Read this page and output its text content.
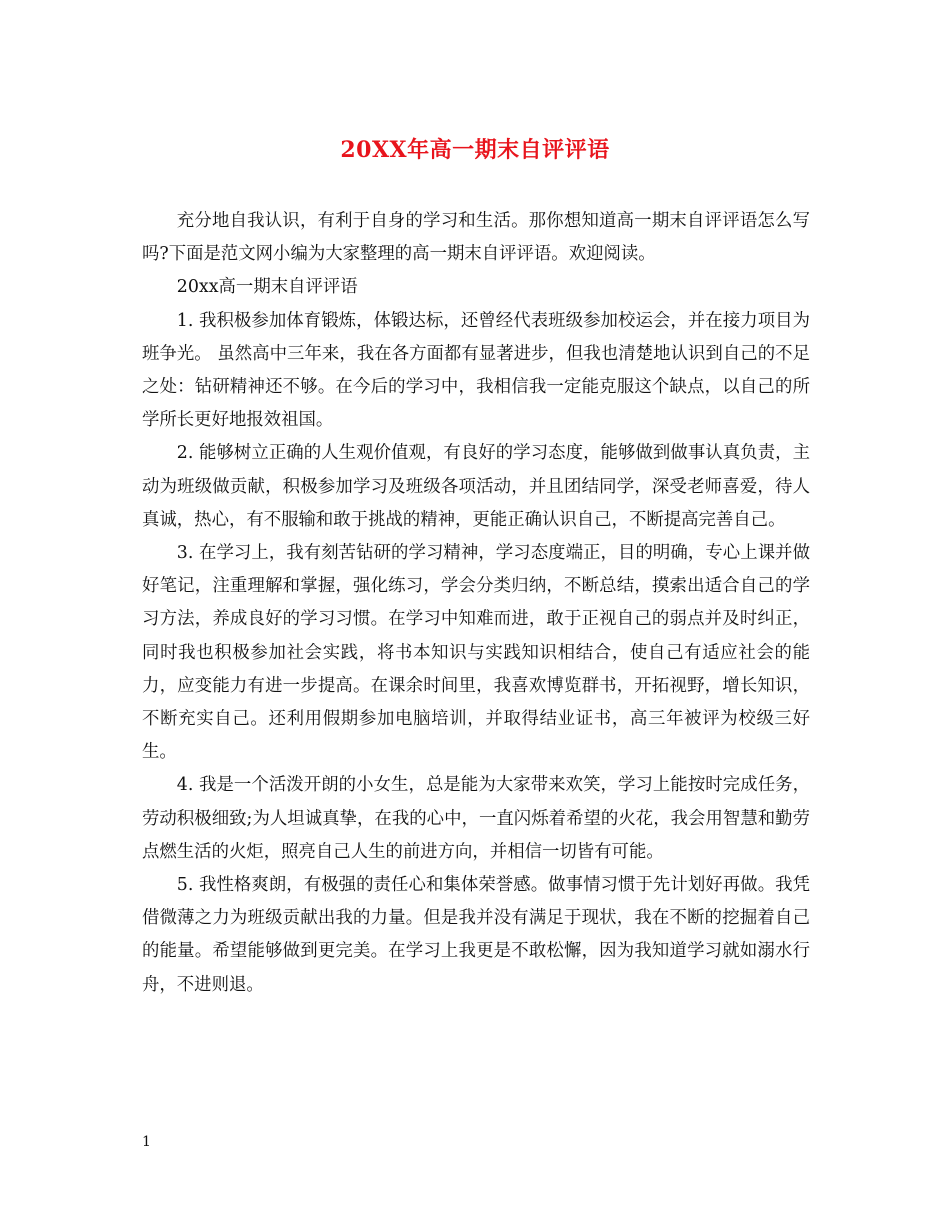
20XX年高一期末自评评语

充分地自我认识，有利于自身的学习和生活。那你想知道高一期末自评评语怎么写吗?下面是范文网小编为大家整理的高一期末自评评语。欢迎阅读。

20xx高一期末自评评语

1. 我积极参加体育锻炼，体锻达标，还曾经代表班级参加校运会，并在接力项目为班争光。 虽然高中三年来，我在各方面都有显著进步，但我也清楚地认识到自己的不足之处：钻研精神还不够。在今后的学习中，我相信我一定能克服这个缺点，以自己的所学所长更好地报效祖国。

2. 能够树立正确的人生观价值观，有良好的学习态度，能够做到做事认真负责，主动为班级做贡献，积极参加学习及班级各项活动，并且团结同学，深受老师喜爱，待人真诚，热心，有不服输和敢于挑战的精神，更能正确认识自己，不断提高完善自己。

3. 在学习上，我有刻苦钻研的学习精神，学习态度端正，目的明确，专心上课并做好笔记，注重理解和掌握，强化练习，学会分类归纳，不断总结，摸索出适合自己的学习方法，养成良好的学习习惯。在学习中知难而进，敢于正视自己的弱点并及时纠正，同时我也积极参加社会实践，将书本知识与实践知识相结合，使自己有适应社会的能力，应变能力有进一步提高。在课余时间里，我喜欢博览群书，开拓视野，增长知识，不断充实自己。还利用假期参加电脑培训，并取得结业证书，高三年被评为校级三好生。

4. 我是一个活泼开朗的小女生，总是能为大家带来欢笑，学习上能按时完成任务，劳动积极细致;为人坦诚真挚，在我的心中，一直闪烁着希望的火花，我会用智慧和勤劳点燃生活的火炬，照亮自己人生的前进方向，并相信一切皆有可能。

5. 我性格爽朗，有极强的责任心和集体荣誉感。做事情习惯于先计划好再做。我凭借微薄之力为班级贡献出我的力量。但是我并没有满足于现状，我在不断的挖掘着自己的能量。希望能够做到更完美。在学习上我更是不敢松懈，因为我知道学习就如溺水行舟，不进则退。

1
